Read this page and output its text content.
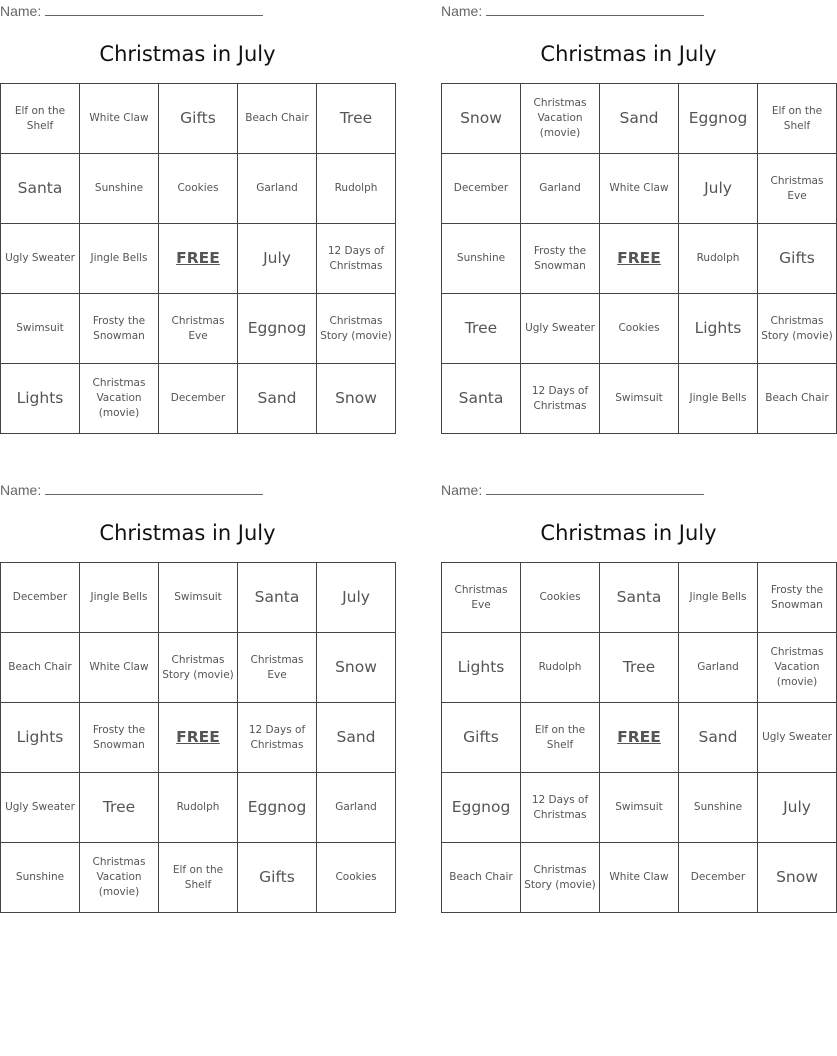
Name:
Christmas in July
Elf on the Shelf	White Claw	Gifts	Beach Chair	Tree
Santa	Sunshine	Cookies	Garland	Rudolph
Ugly Sweater	Jingle Bells	FREE	July	12 Days of Christmas
Swimsuit	Frosty the Snowman	Christmas Eve	Eggnog	Christmas Story (movie)
Lights	Christmas Vacation (movie)	December	Sand	Snow
Name:
Christmas in July
Snow	Christmas Vacation (movie)	Sand	Eggnog	Elf on the Shelf
December	Garland	White Claw	July	Christmas Eve
Sunshine	Frosty the Snowman	FREE	Rudolph	Gifts
Tree	Ugly Sweater	Cookies	Lights	Christmas Story (movie)
Santa	12 Days of Christmas	Swimsuit	Jingle Bells	Beach Chair
Name:
Christmas in July
December	Jingle Bells	Swimsuit	Santa	July
Beach Chair	White Claw	Christmas Story (movie)	Christmas Eve	Snow
Lights	Frosty the Snowman	FREE	12 Days of Christmas	Sand
Ugly Sweater	Tree	Rudolph	Eggnog	Garland
Sunshine	Christmas Vacation (movie)	Elf on the Shelf	Gifts	Cookies
Name:
Christmas in July
Christmas Eve	Cookies	Santa	Jingle Bells	Frosty the Snowman
Lights	Rudolph	Tree	Garland	Christmas Vacation (movie)
Gifts	Elf on the Shelf	FREE	Sand	Ugly Sweater
Eggnog	12 Days of Christmas	Swimsuit	Sunshine	July
Beach Chair	Christmas Story (movie)	White Claw	December	Snow
